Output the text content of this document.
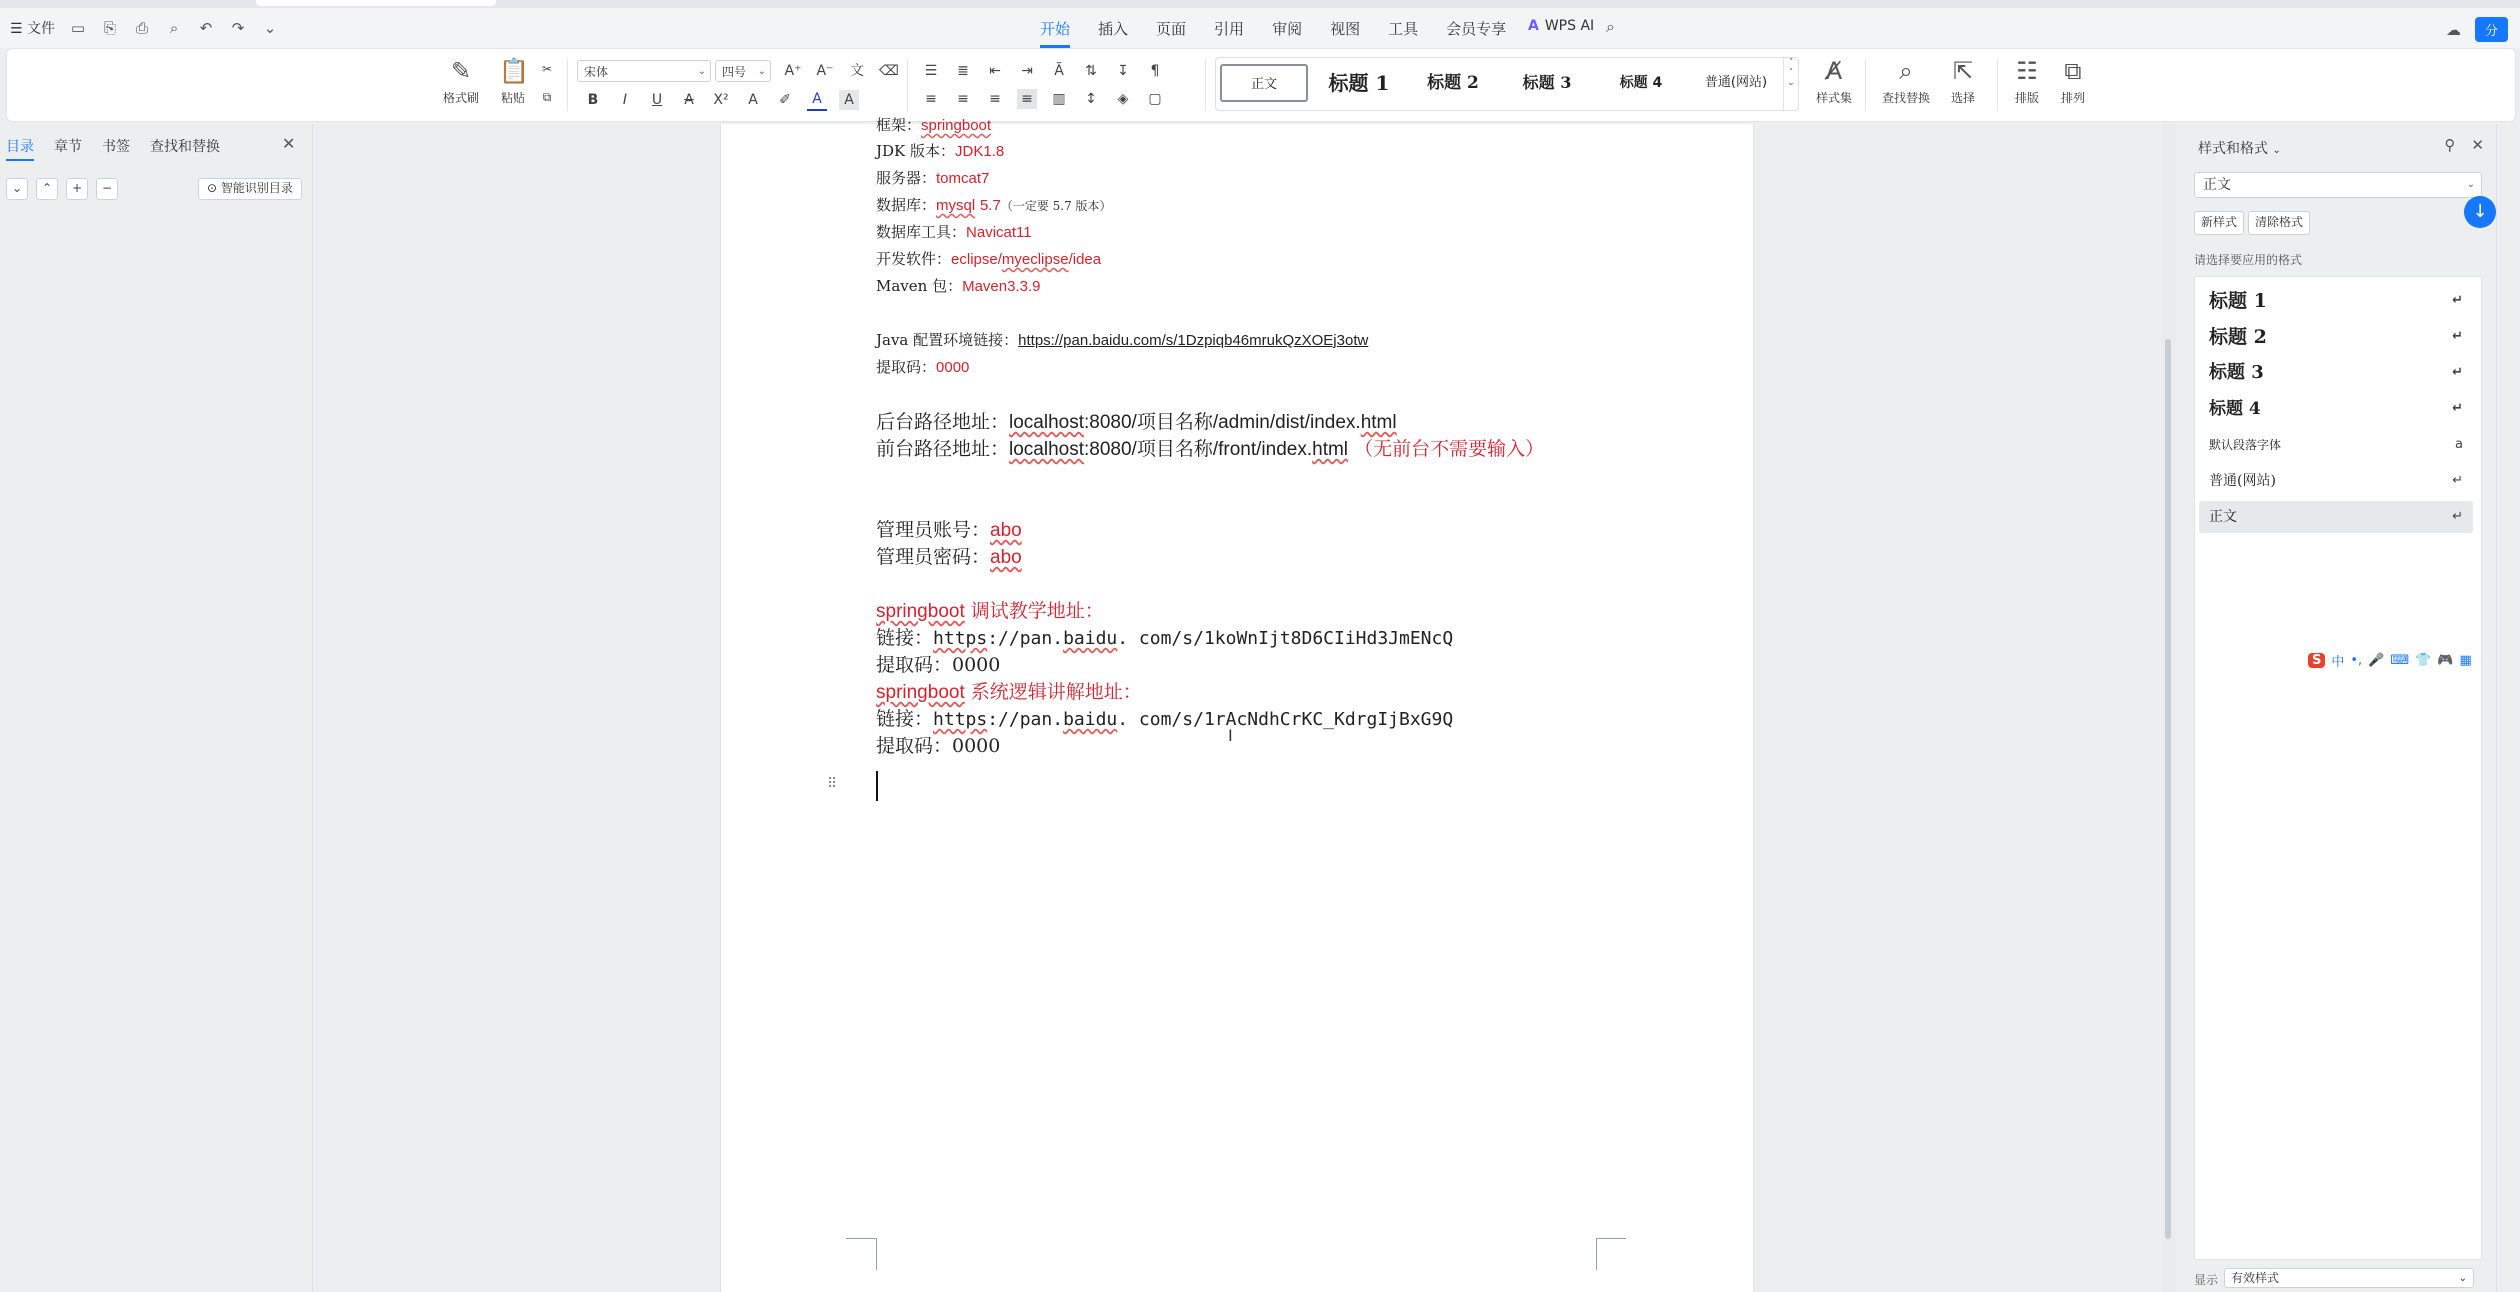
☰ 文件 ▭ ⎘ ⎙	⌕	↶ ↷ ⌄	开始 插入 页面 引用 审阅 视图 工具 会员专享 A WPS AI ⌕	☁	分
✎
格式刷
📋
粘贴
✂
⧉
宋体	⌄	四号 ⌄ A⁺ A⁻ 文 ⌫
B	I	U	A	X²	A	✐	A	A
☰ ≣ ⇤ ⇥	Ã	⇅ ↧	¶
≡ ≡ ≡ ≡ ▥ ↕	◈	▢
正文	标题 1	标题 2	标题 3	标题 4	普通(网站)
˄
˅
⌄ A̸
样式集
⌕
查找替换
⇱
选择
☷
排版
⧉
排列
目录 章节 书签 查找和替换	✕
⌄	⌃	+	−	⊙ 智能识别目录
框架：springboot
JDK 版本：JDK1.8
服务器：tomcat7
数据库：mysql 5.7（一定要 5.7 版本）
数据库工具：Navicat11
开发软件：eclipse/myeclipse/idea
Maven 包：Maven3.3.9
Java 配置环境链接：https://pan.baidu.com/s/1Dzpiqb46mrukQzXOEj3otw
提取码：0000
后台路径地址：localhost:8080/项目名称/admin/dist/index.html
前台路径地址：localhost:8080/项目名称/front/index.html （无前台不需要输入）
管理员账号：abo
管理员密码：abo
springboot 调试教学地址：
链接：https://pan.baidu. com/s/1koWnIjt8D6CIiHd3JmENcQ
提取码：0000
springboot 系统逻辑讲解地址：
链接：https://pan.baidu. com/s/1rAcNdhCrKC_KdrgIjBxG9Q
提取码：0000
⠿
I
样式和格式 ⌄	⚲ ✕
正文	⌄
新样式	清除格式
请选择要应用的格式
标题 1	↵
标题 2	↵
标题 3	↵
标题 4	↵
默认段落字体	a
普通(网站)	↵
正文	↵
显示	有效样式	⌄
↓
S 中 •, 🎤 ⌨ 👕 🎮 ▦
